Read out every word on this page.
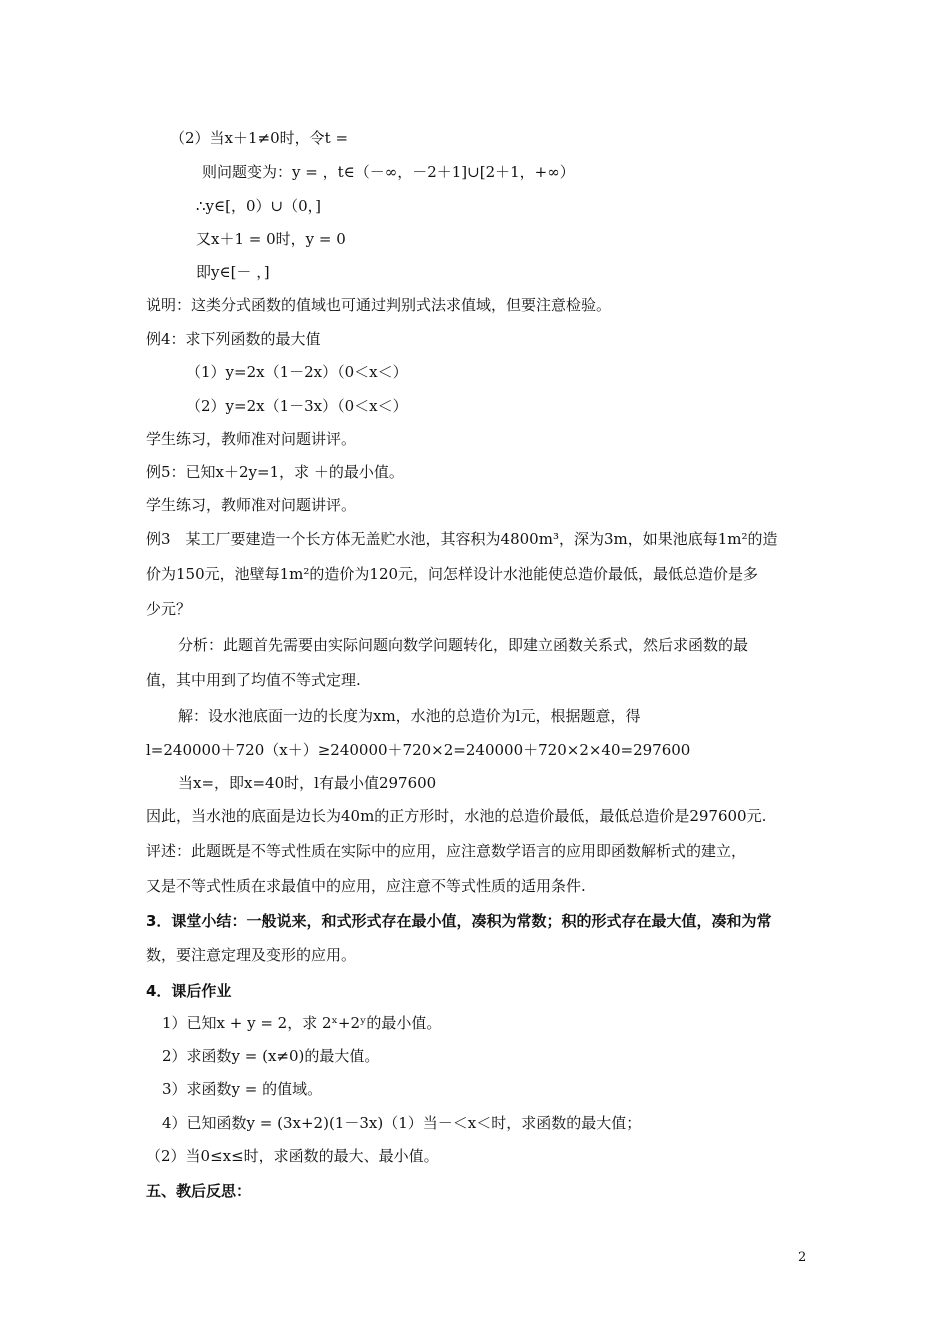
（2）当x＋1≠0时，令t =
则问题变为：y = ，t∈（－∞，－2＋1]∪[2＋1，+∞）
∴y∈[，0）∪（0，]
又x＋1 = 0时，y = 0
即y∈[－ ，]
说明：这类分式函数的值域也可通过判别式法求值域，但要注意检验。
例4：求下列函数的最大值
（1）y=2x（1－2x）（0＜x＜）
（2）y=2x（1－3x）（0＜x＜）
学生练习，教师准对问题讲评。
例5：已知x＋2y=1，求 ＋的最小值。
学生练习，教师准对问题讲评。
例3　某工厂要建造一个长方体无盖贮水池，其容积为4800m³，深为3m，如果池底每1m²的造
价为150元，池壁每1m²的造价为120元，问怎样设计水池能使总造价最低，最低总造价是多
少元？
分析：此题首先需要由实际问题向数学问题转化，即建立函数关系式，然后求函数的最
值，其中用到了均值不等式定理.
解：设水池底面一边的长度为xm，水池的总造价为l元，根据题意，得
l=240000＋720（x＋）≥240000＋720×2=240000＋720×2×40=297600
当x=，即x=40时，l有最小值297600
因此，当水池的底面是边长为40m的正方形时，水池的总造价最低，最低总造价是297600元.
评述：此题既是不等式性质在实际中的应用，应注意数学语言的应用即函数解析式的建立，
又是不等式性质在求最值中的应用，应注意不等式性质的适用条件.
3．课堂小结：一般说来，和式形式存在最小值，凑积为常数；积的形式存在最大值，凑和为常
数，要注意定理及变形的应用。
4．课后作业
1）已知x + y = 2，求 2ˣ+2ʸ的最小值。
2）求函数y = (x≠0)的最大值。
3）求函数y = 的值域。
4）已知函数y = (3x+2)(1－3x)（1）当－＜x＜时，求函数的最大值；
（2）当0≤x≤时，求函数的最大、最小值。
五、教后反思：
2
